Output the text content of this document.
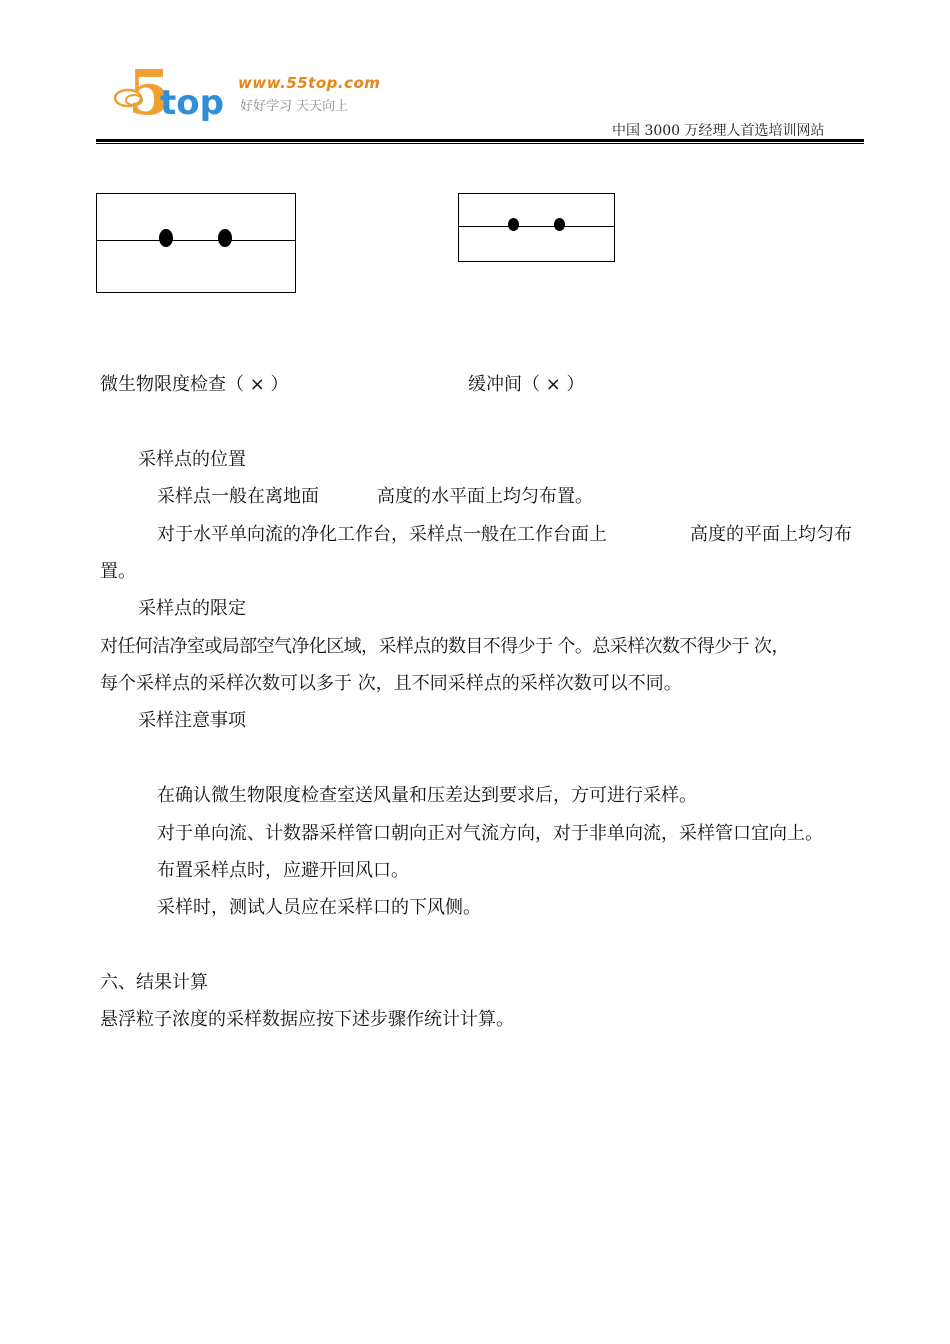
5
top www.55top.com
好好学习 天天向上
中国 3000 万经理人首选培训网站
微生物限度检查（ × ）	缓冲间（ × ）
采样点的位置
采样点一般在离地面	高度的水平面上均匀布置。
对于水平单向流的净化工作台，采样点一般在工作台面上	高度的平面上均匀布
置。
采样点的限定
对任何洁净室或局部空气净化区域，采样点的数目不得少于 个。总采样次数不得少于 次，
每个采样点的采样次数可以多于 次，且不同采样点的采样次数可以不同。
采样注意事项
在确认微生物限度检查室送风量和压差达到要求后，方可进行采样。
对于单向流、计数器采样管口朝向正对气流方向，对于非单向流，采样管口宜向上。
布置采样点时，应避开回风口。
采样时，测试人员应在采样口的下风侧。
六、结果计算
悬浮粒子浓度的采样数据应按下述步骤作统计计算。
